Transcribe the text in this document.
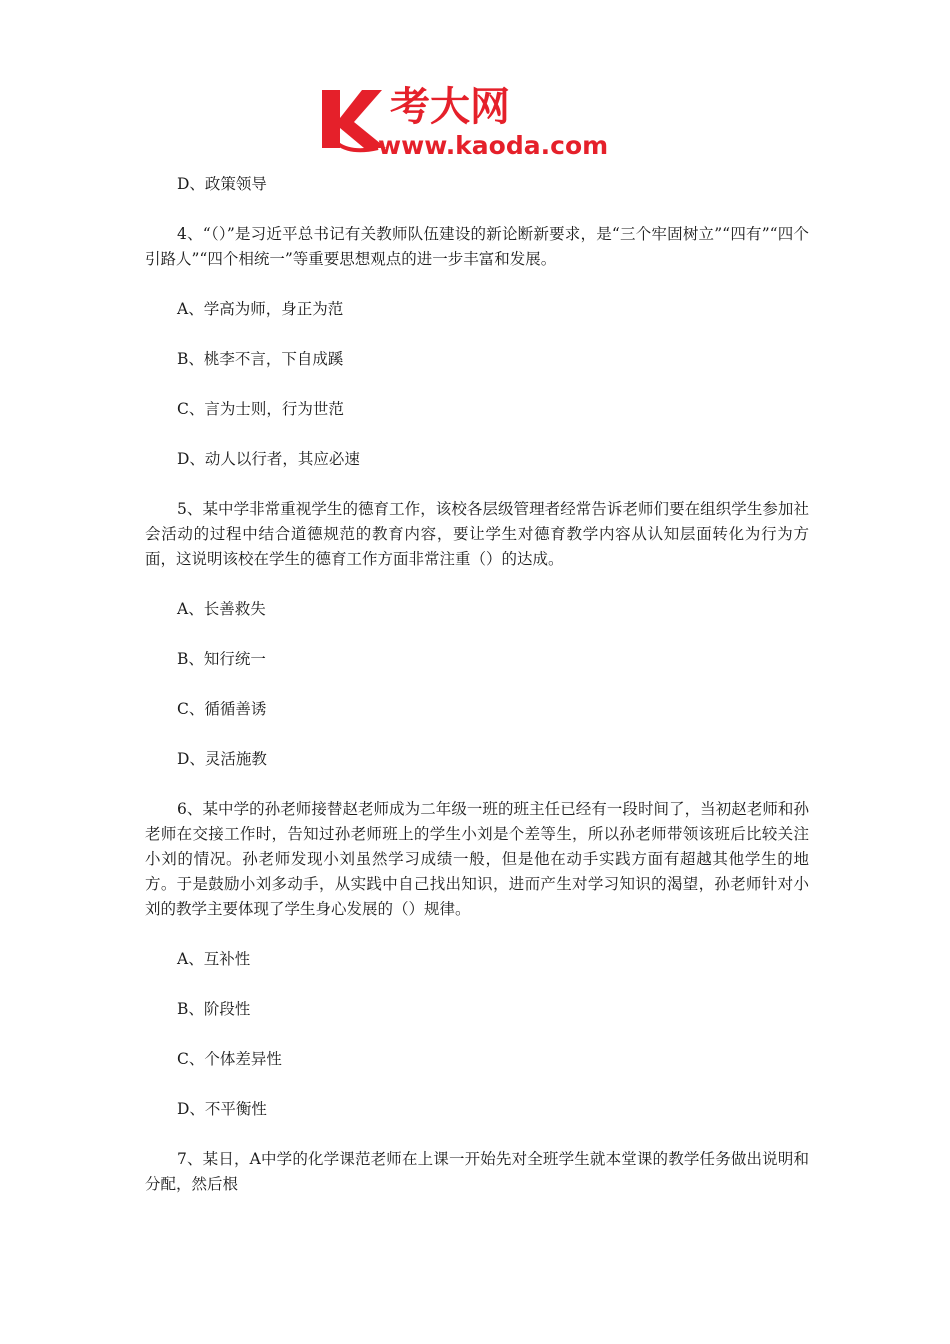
考大网
www.kaoda.com

D、政策领导

4、“（）”是习近平总书记有关教师队伍建设的新论断新要求，是“三个牢固树立”“四有”“四个引路人”“四个相统一”等重要思想观点的进一步丰富和发展。

A、学高为师，身正为范

B、桃李不言，下自成蹊

C、言为士则，行为世范

D、动人以行者，其应必速

5、某中学非常重视学生的德育工作，该校各层级管理者经常告诉老师们要在组织学生参加社会活动的过程中结合道德规范的教育内容，要让学生对德育教学内容从认知层面转化为行为方面，这说明该校在学生的德育工作方面非常注重（）的达成。

A、长善救失

B、知行统一

C、循循善诱

D、灵活施教

6、某中学的孙老师接替赵老师成为二年级一班的班主任已经有一段时间了，当初赵老师和孙老师在交接工作时，告知过孙老师班上的学生小刘是个差等生，所以孙老师带领该班后比较关注小刘的情况。孙老师发现小刘虽然学习成绩一般，但是他在动手实践方面有超越其他学生的地方。于是鼓励小刘多动手，从实践中自己找出知识，进而产生对学习知识的渴望，孙老师针对小刘的教学主要体现了学生身心发展的（）规律。

A、互补性

B、阶段性

C、个体差异性

D、不平衡性

7、某日，A中学的化学课范老师在上课一开始先对全班学生就本堂课的教学任务做出说明和分配，然后根
